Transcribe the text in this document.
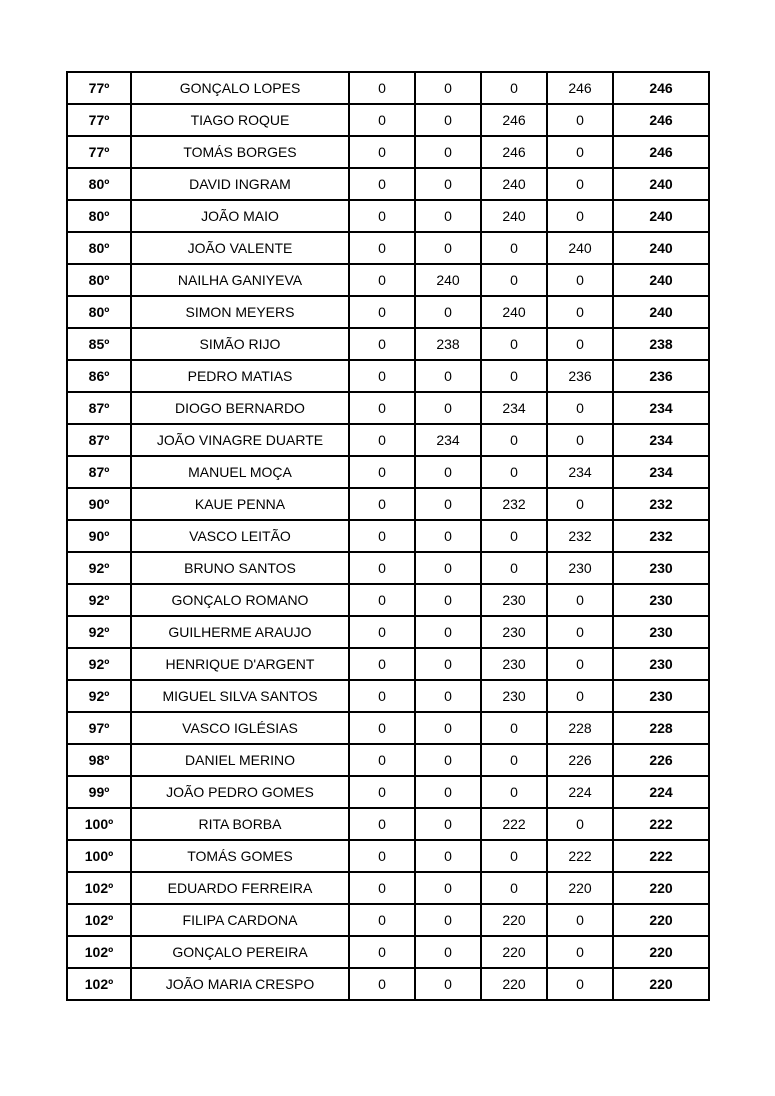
77º	GONÇALO LOPES	0	0	0	246	246
77º	TIAGO ROQUE	0	0	246	0	246
77º	TOMÁS BORGES	0	0	246	0	246
80º	DAVID INGRAM	0	0	240	0	240
80º	JOÃO MAIO	0	0	240	0	240
80º	JOÃO VALENTE	0	0	0	240	240
80º	NAILHA GANIYEVA	0	240	0	0	240
80º	SIMON MEYERS	0	0	240	0	240
85º	SIMÃO RIJO	0	238	0	0	238
86º	PEDRO MATIAS	0	0	0	236	236
87º	DIOGO BERNARDO	0	0	234	0	234
87º	JOÃO VINAGRE DUARTE	0	234	0	0	234
87º	MANUEL MOÇA	0	0	0	234	234
90º	KAUE PENNA	0	0	232	0	232
90º	VASCO LEITÃO	0	0	0	232	232
92º	BRUNO SANTOS	0	0	0	230	230
92º	GONÇALO ROMANO	0	0	230	0	230
92º	GUILHERME ARAUJO	0	0	230	0	230
92º	HENRIQUE D'ARGENT	0	0	230	0	230
92º	MIGUEL SILVA SANTOS	0	0	230	0	230
97º	VASCO IGLÉSIAS	0	0	0	228	228
98º	DANIEL MERINO	0	0	0	226	226
99º	JOÃO PEDRO GOMES	0	0	0	224	224
100º	RITA BORBA	0	0	222	0	222
100º	TOMÁS GOMES	0	0	0	222	222
102º	EDUARDO FERREIRA	0	0	0	220	220
102º	FILIPA CARDONA	0	0	220	0	220
102º	GONÇALO PEREIRA	0	0	220	0	220
102º	JOÃO MARIA CRESPO	0	0	220	0	220
